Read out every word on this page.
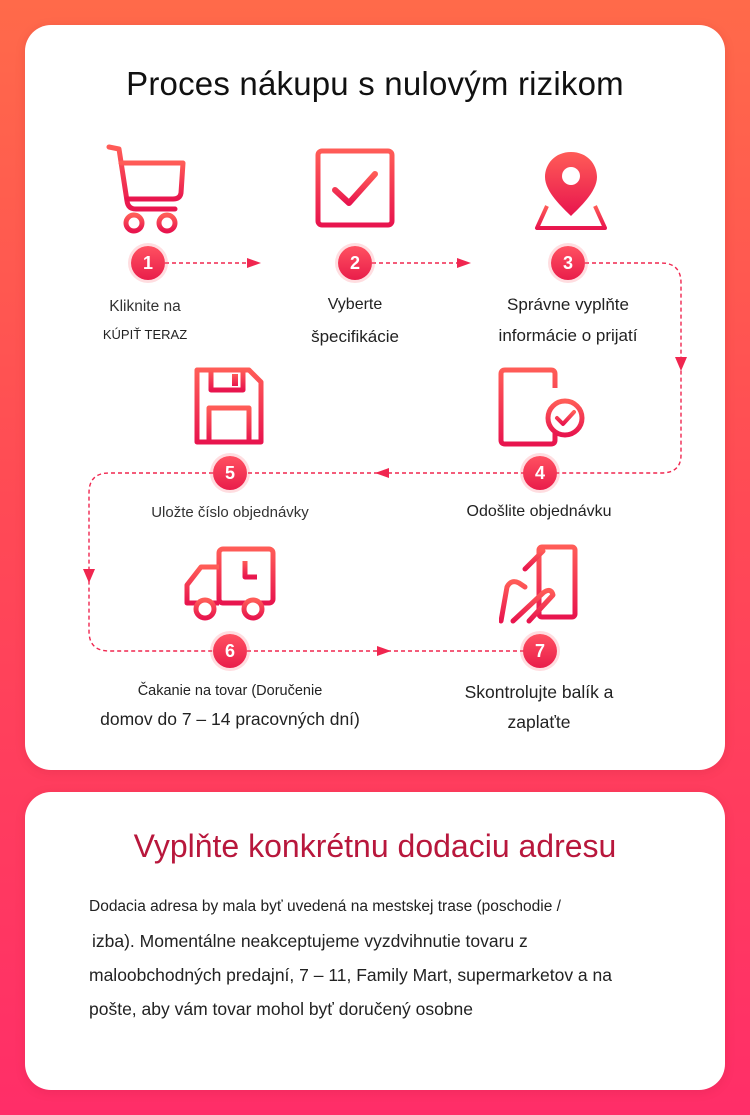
Proces nákupu s nulovým rizikom
1	2	3
4
5
6	7
Kliknite na
KÚPIŤ TERAZ
Vyberte
špecifikácie
Správne vyplňte
informácie o prijatí
Odošlite objednávku
Uložte číslo objednávky
Čakanie na tovar (Doručenie
domov do 7 – 14 pracovných dní)
Skontrolujte balík a
zaplaťte
Vyplňte konkrétnu dodaciu adresu
Dodacia adresa by mala byť uvedená na mestskej trase (poschodie /
izba). Momentálne neakceptujeme vyzdvihnutie tovaru z
maloobchodných predajní, 7 – 11, Family Mart, supermarketov a na
pošte, aby vám tovar mohol byť doručený osobne
